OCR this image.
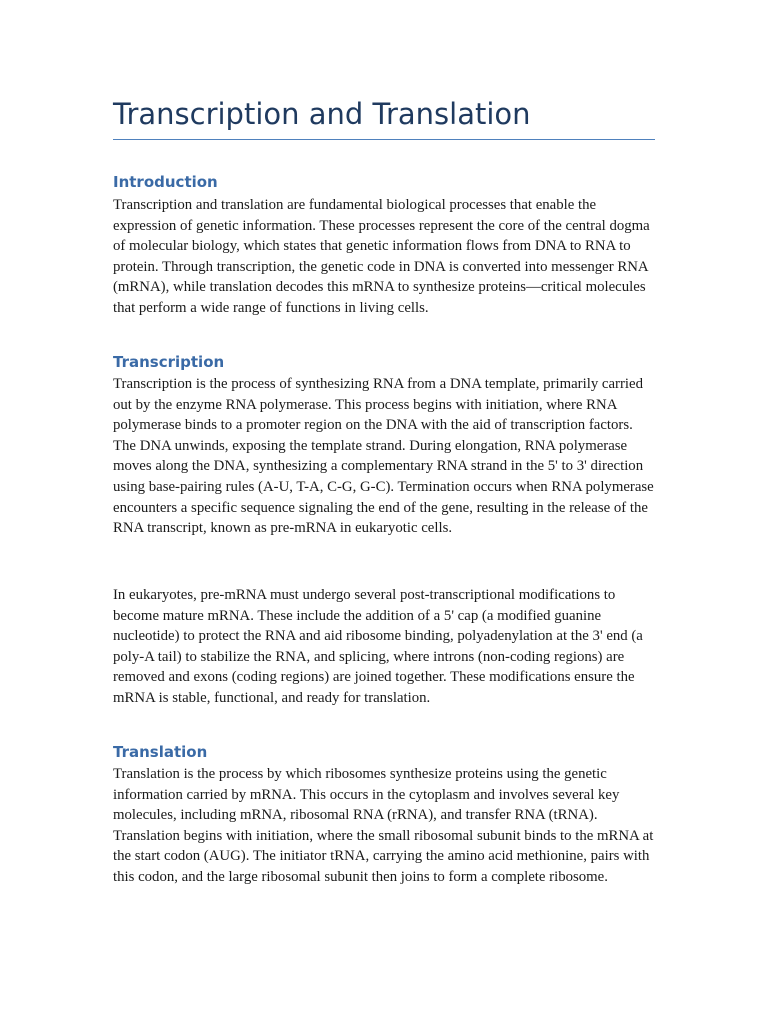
Transcription and Translation
Introduction

Transcription and translation are fundamental biological processes that enable the expression of genetic information. These processes represent the core of the central dogma of molecular biology, which states that genetic information flows from DNA to RNA to protein. Through transcription, the genetic code in DNA is converted into messenger RNA (mRNA), while translation decodes this mRNA to synthesize proteins—critical molecules that perform a wide range of functions in living cells.

Transcription

Transcription is the process of synthesizing RNA from a DNA template, primarily carried out by the enzyme RNA polymerase. This process begins with initiation, where RNA polymerase binds to a promoter region on the DNA with the aid of transcription factors. The DNA unwinds, exposing the template strand. During elongation, RNA polymerase moves along the DNA, synthesizing a complementary RNA strand in the 5' to 3' direction using base-pairing rules (A-U, T-A, C-G, G-C). Termination occurs when RNA polymerase encounters a specific sequence signaling the end of the gene, resulting in the release of the RNA transcript, known as pre-mRNA in eukaryotic cells.

In eukaryotes, pre-mRNA must undergo several post-transcriptional modifications to become mature mRNA. These include the addition of a 5' cap (a modified guanine nucleotide) to protect the RNA and aid ribosome binding, polyadenylation at the 3' end (a poly-A tail) to stabilize the RNA, and splicing, where introns (non-coding regions) are removed and exons (coding regions) are joined together. These modifications ensure the mRNA is stable, functional, and ready for translation.

Translation

Translation is the process by which ribosomes synthesize proteins using the genetic information carried by mRNA. This occurs in the cytoplasm and involves several key molecules, including mRNA, ribosomal RNA (rRNA), and transfer RNA (tRNA). Translation begins with initiation, where the small ribosomal subunit binds to the mRNA at the start codon (AUG). The initiator tRNA, carrying the amino acid methionine, pairs with this codon, and the large ribosomal subunit then joins to form a complete ribosome.
